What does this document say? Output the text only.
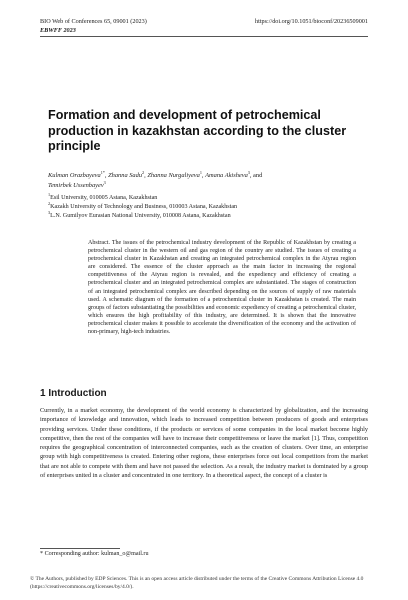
BIO Web of Conferences 65, 09001 (2023)	https://doi.org/10.1051/bioconf/20236509001
EBWFF 2023
Formation and development of petrochemical production in kazakhstan according to the cluster principle
Kulman Orazbayeva$^{1*}$, Zhanna Sadu$^2$, Zhanna Nurgaliyeva$^1$, Amana Akisheva$^3$, and
Temirbek Ussenbayev$^3$
$^1$Esil University, 010005 Astana, Kazakhstan
$^2$Kazakh University of Technology and Business, 010003 Astana, Kazakhstan
$^3$L.N. Gumilyov Eurasian National University, 010008 Astana, Kazakhstan

Abstract. The issues of the petrochemical industry development of the Republic of Kazakhstan by creating a petrochemical cluster in the western oil and gas region of the country are studied. The issues of creating a petrochemical cluster in Kazakhstan and creating an integrated petrochemical complex in the Atyrau region are considered. The essence of the cluster approach as the main factor in increasing the regional competitiveness of the Atyrau region is revealed, and the expediency and efficiency of creating a petrochemical cluster and an integrated petrochemical complex are substantiated. The stages of construction of an integrated petrochemical complex are described depending on the sources of supply of raw materials used. A schematic diagram of the formation of a petrochemical cluster in Kazakhstan is created. The main groups of factors substantiating the possibilities and economic expediency of creating a petrochemical cluster, which ensures the high profitability of this industry, are determined. It is shown that the innovative petrochemical cluster makes it possible to accelerate the diversification of the economy and the activation of non-primary, high-tech industries.

1 Introduction

Currently, in a market economy, the development of the world economy is characterized by globalization, and the increasing importance of knowledge and innovation, which leads to increased competition between producers of goods and enterprises providing services. Under these conditions, if the products or services of some companies in the local market become highly competitive, then the rest of the companies will have to increase their competitiveness or leave the market [1]. Thus, competition requires the geographical concentration of interconnected companies, such as the creation of clusters. Over time, an enterprise group with high competitiveness is created. Entering other regions, these enterprises force out local competitors from the market that are not able to compete with them and have not passed the selection. As a result, the industry market is dominated by a group of enterprises united in a cluster and concentrated in one territory. In a theoretical aspect, the concept of a cluster is

* Corresponding author: kulman_o@mail.ru
© The Authors, published by EDP Sciences. This is an open access article distributed under the terms of the Creative Commons Attribution License 4.0 (https://creativecommons.org/licenses/by/4.0/).
